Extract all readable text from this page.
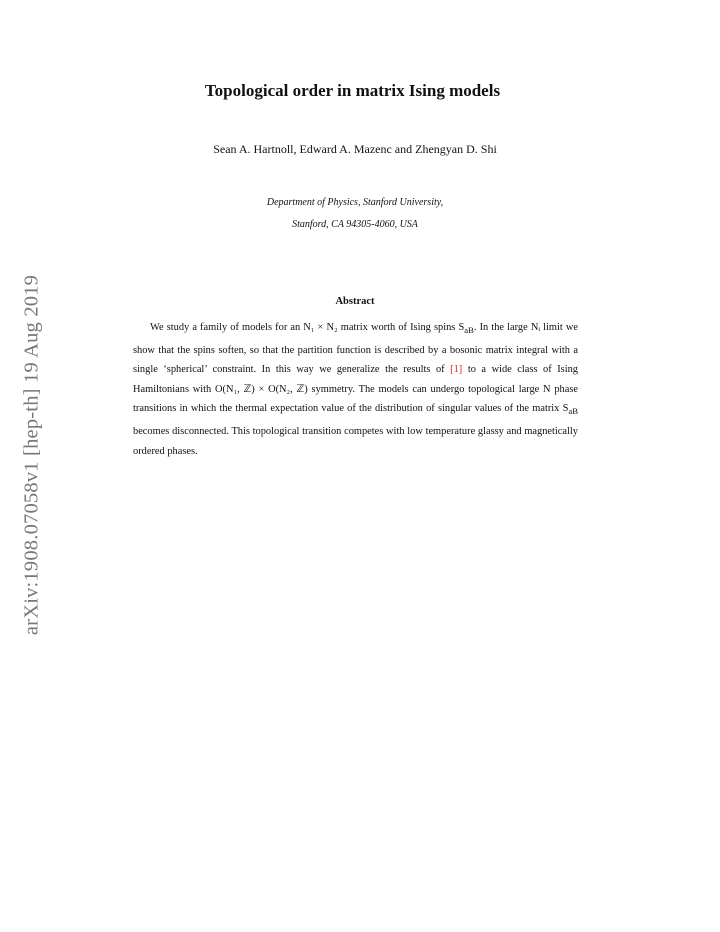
arXiv:1908.07058v1 [hep-th] 19 Aug 2019
Topological order in matrix Ising models
Sean A. Hartnoll, Edward A. Mazenc and Zhengyan D. Shi
Department of Physics, Stanford University,
Stanford, CA 94305-4060, USA
Abstract

We study a family of models for an N₁ × N₂ matrix worth of Ising spins $S_{aB}$. In the large Nᵢ limit we show that the spins soften, so that the partition function is described by a bosonic matrix integral with a single ‘spherical’ constraint. In this way we generalize the results of [1] to a wide class of Ising Hamiltonians with O(N₁, ℤ) × O(N₂, ℤ) symmetry. The models can undergo topological large N phase transitions in which the thermal expectation value of the distribution of singular values of the matrix $S_{aB}$ becomes disconnected. This topological transition competes with low temperature glassy and magnetically ordered phases.
